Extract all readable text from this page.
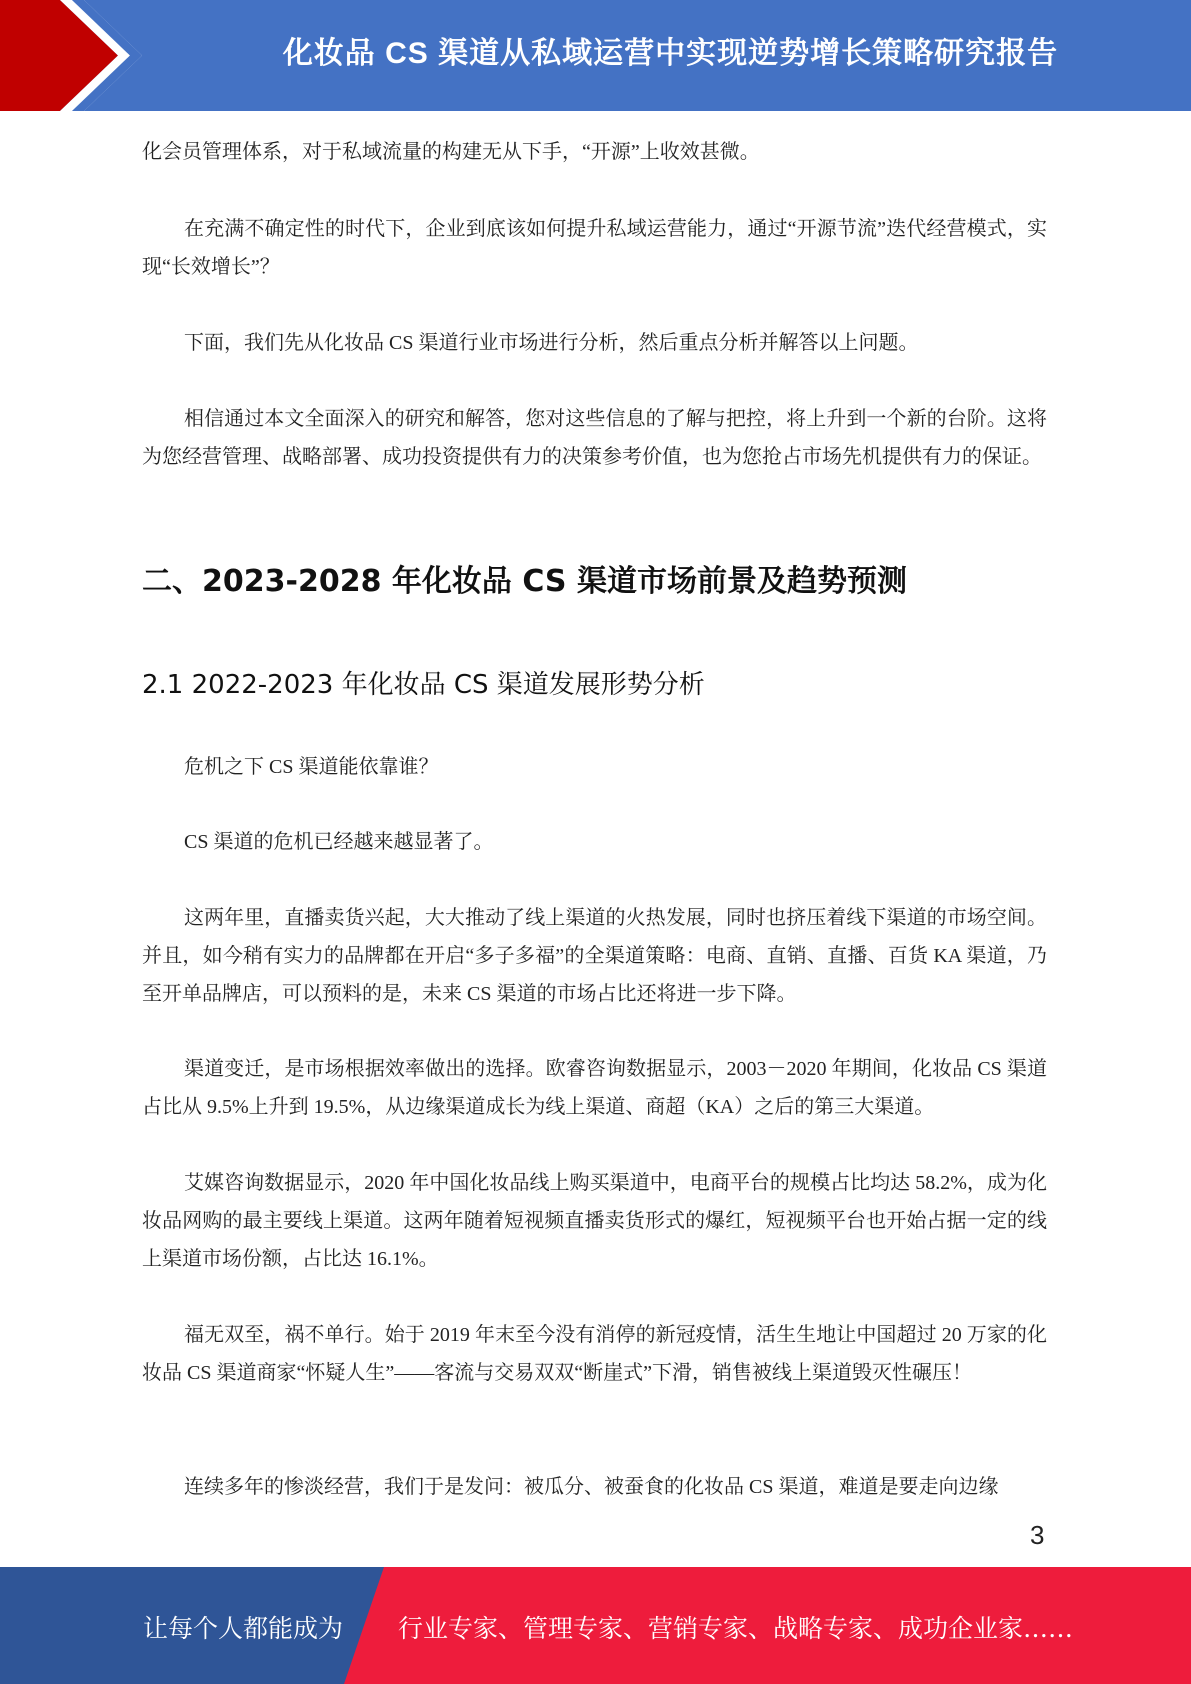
化妆品 CS 渠道从私域运营中实现逆势增长策略研究报告

化会员管理体系，对于私域流量的构建无从下手，“开源”上收效甚微。

在充满不确定性的时代下，企业到底该如何提升私域运营能力，通过“开源节流”迭代经营模式，实现“长效增长”？

下面，我们先从化妆品 CS 渠道行业市场进行分析，然后重点分析并解答以上问题。

相信通过本文全面深入的研究和解答，您对这些信息的了解与把控，将上升到一个新的台阶。这将为您经营管理、战略部署、成功投资提供有力的决策参考价值，也为您抢占市场先机提供有力的保证。

二、2023-2028 年化妆品 CS 渠道市场前景及趋势预测
2.1 2022-2023 年化妆品 CS 渠道发展形势分析

危机之下 CS 渠道能依靠谁？

CS 渠道的危机已经越来越显著了。

这两年里，直播卖货兴起，大大推动了线上渠道的火热发展，同时也挤压着线下渠道的市场空间。并且，如今稍有实力的品牌都在开启“多子多福”的全渠道策略：电商、直销、直播、百货 KA 渠道，乃至开单品牌店，可以预料的是，未来 CS 渠道的市场占比还将进一步下降。

渠道变迁，是市场根据效率做出的选择。欧睿咨询数据显示，2003－2020 年期间，化妆品 CS 渠道占比从 9.5%上升到 19.5%，从边缘渠道成长为线上渠道、商超（KA）之后的第三大渠道。

艾媒咨询数据显示，2020 年中国化妆品线上购买渠道中，电商平台的规模占比均达 58.2%，成为化妆品网购的最主要线上渠道。这两年随着短视频直播卖货形式的爆红，短视频平台也开始占据一定的线上渠道市场份额，占比达 16.1%。

福无双至，祸不单行。始于 2019 年末至今没有消停的新冠疫情，活生生地让中国超过 20 万家的化妆品 CS 渠道商家“怀疑人生”——客流与交易双双“断崖式”下滑，销售被线上渠道毁灭性碾压！

连续多年的惨淡经营，我们于是发问：被瓜分、被蚕食的化妆品 CS 渠道，难道是要走向边缘

3
让每个人都能成为 行业专家、管理专家、营销专家、战略专家、成功企业家……
